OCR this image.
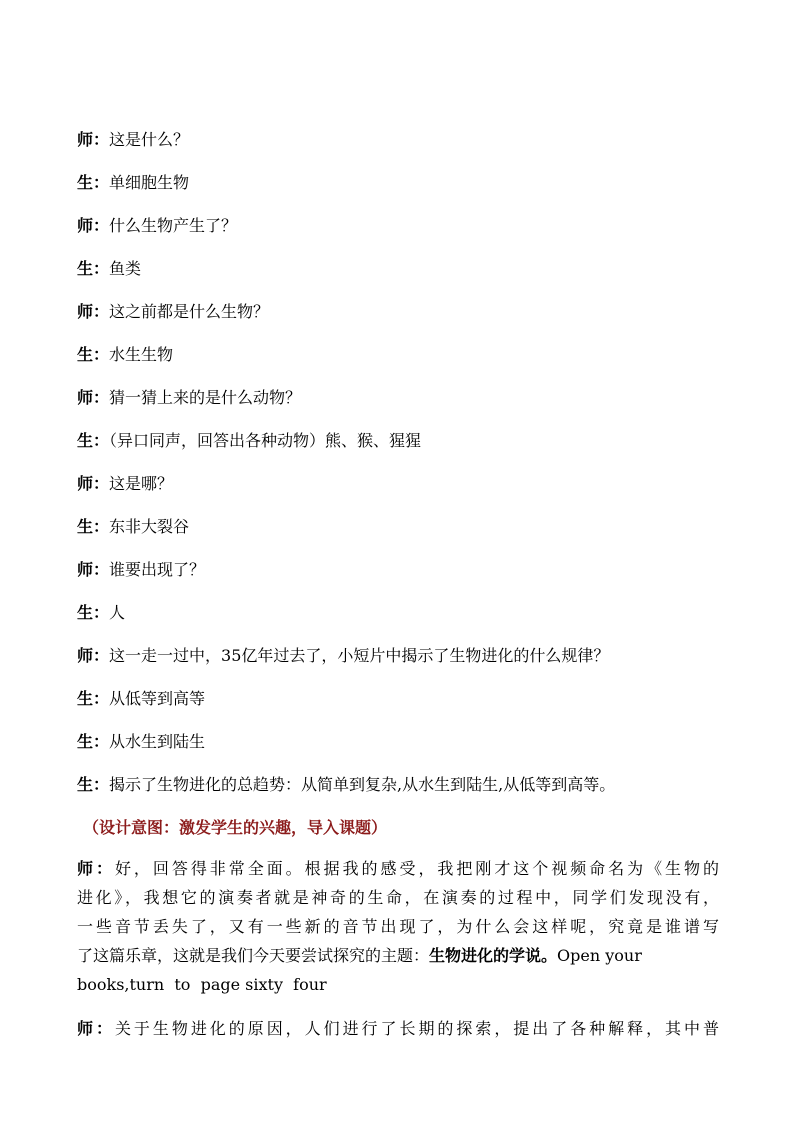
师：这是什么？
生：单细胞生物
师：什么生物产生了？
生：鱼类
师：这之前都是什么生物？
生：水生生物
师：猜一猜上来的是什么动物？
生：（异口同声，回答出各种动物）熊、猴、猩猩
师：这是哪？
生：东非大裂谷
师：谁要出现了？
生：人
师：这一走一过中，35亿年过去了，小短片中揭示了生物进化的什么规律？
生：从低等到高等
生：从水生到陆生
生：揭示了生物进化的总趋势：从简单到复杂,从水生到陆生,从低等到高等。
（设计意图：激发学生的兴趣，导入课题）
师：好，回答得非常全面。根据我的感受，我把刚才这个视频命名为《生物的
进化》，我想它的演奏者就是神奇的生命，在演奏的过程中，同学们发现没有，
一些音节丢失了，又有一些新的音节出现了，为什么会这样呢，究竟是谁谱写
了这篇乐章，这就是我们今天要尝试探究的主题：生物进化的学说。Open your
books,turn  to  page sixty  four
师：关于生物进化的原因，人们进行了长期的探索，提出了各种解释，其中普
